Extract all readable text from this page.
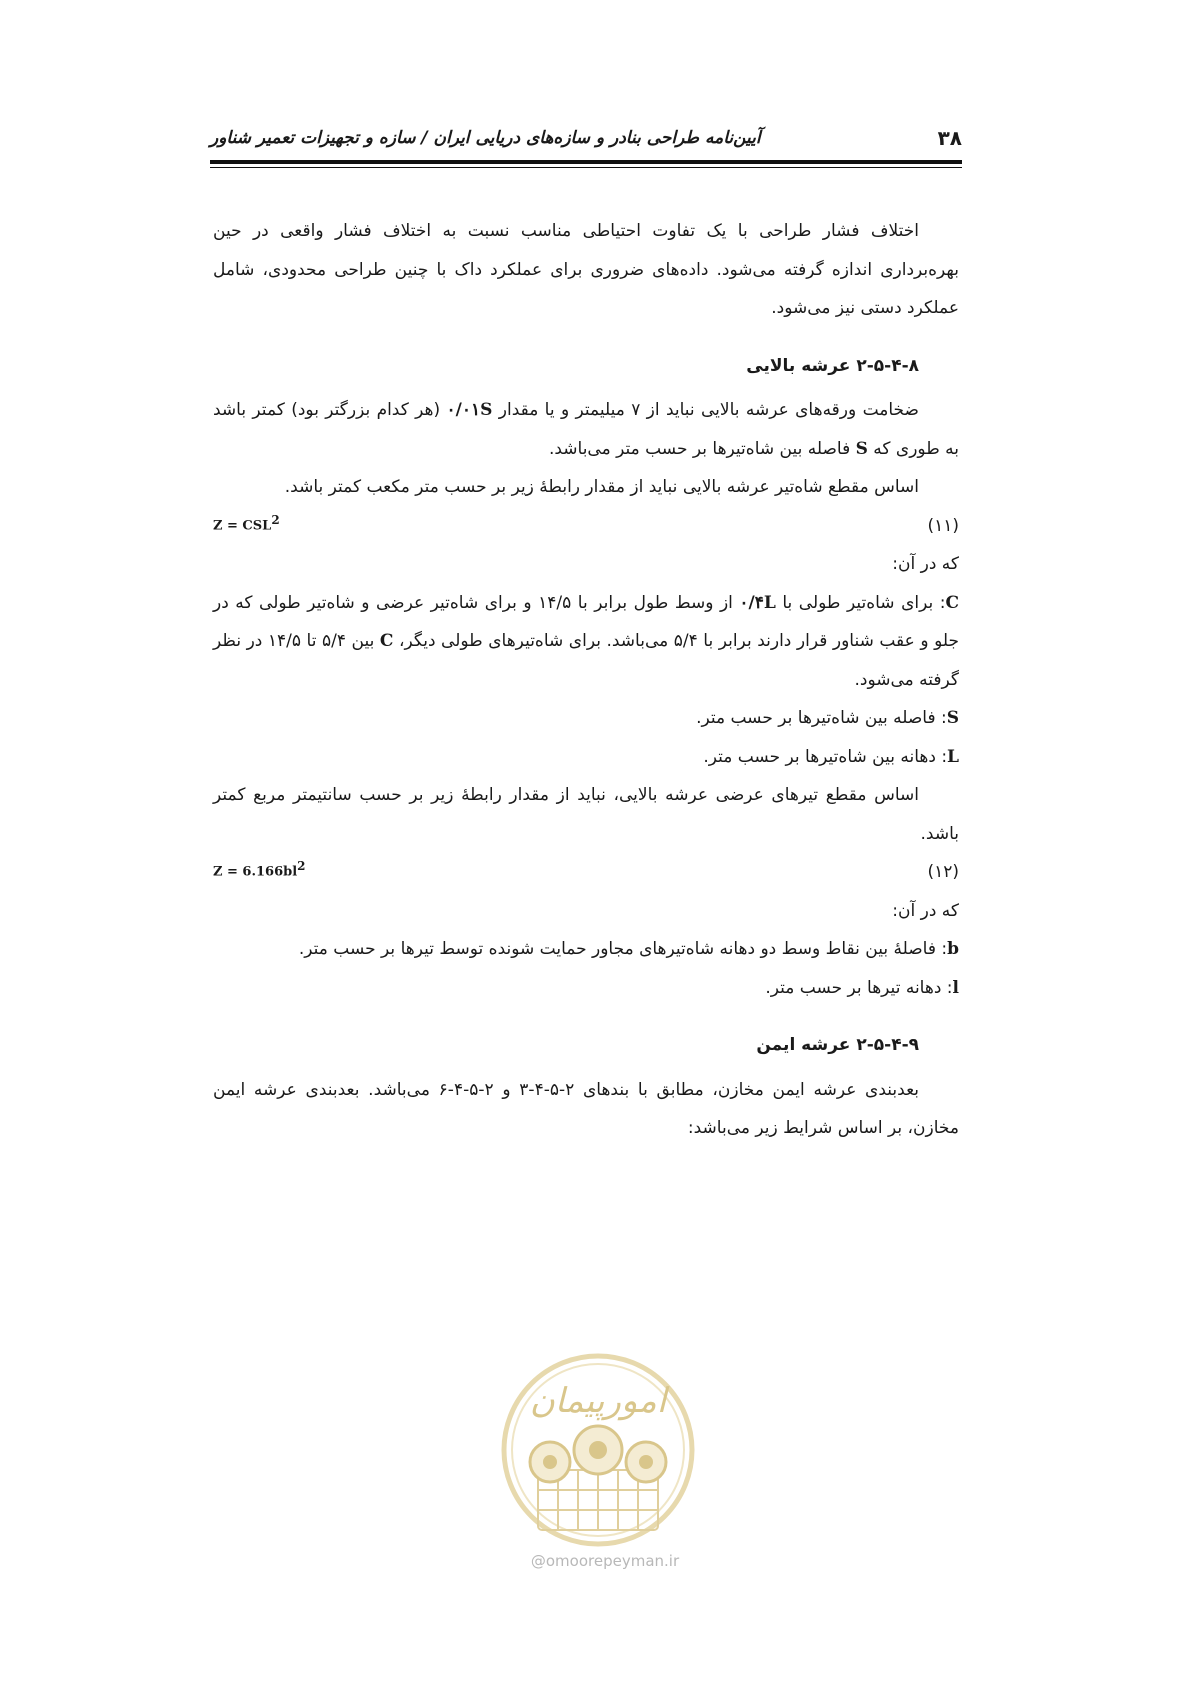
۳۸
آیین‌نامه طراحی بنادر و سازه‌های دریایی ایران / سازه و تجهیزات تعمیر شناور

اختلاف فشار طراحی با یک تفاوت احتیاطی مناسب نسبت به اختلاف فشار واقعی در حین بهره‌برداری اندازه گرفته می‌شود. داده‌های ضروری برای عملکرد داک با چنین طراحی محدودی، شامل عملکرد دستی نیز می‌شود.

۲-۵-۴-۸ عرشه بالایی

ضخامت ورقه‌های عرشه بالایی نباید از ۷ میلیمتر و یا مقدار ۰/۰۱S (هر کدام بزرگتر بود) کمتر باشد به طوری که S فاصله بین شاه‌تیرها بر حسب متر می‌باشد.

اساس مقطع شاه‌تیر عرشه بالایی نباید از مقدار رابطۀ زیر بر حسب متر مکعب کمتر باشد.

(۱۱)
$Z = CSL^2$

که در آن:

C: برای شاه‌تیر طولی با ۰/۴L از وسط طول برابر با ۱۴/۵ و برای شاه‌تیر عرضی و شاه‌تیر طولی که در جلو و عقب شناور قرار دارند برابر با ۵/۴ می‌باشد. برای شاه‌تیرهای طولی دیگر، C بین ۵/۴ تا ۱۴/۵ در نظر گرفته می‌شود.

S: فاصله بین شاه‌تیرها بر حسب متر.

L: دهانه بین شاه‌تیرها بر حسب متر.

اساس مقطع تیرهای عرضی عرشه بالایی، نباید از مقدار رابطۀ زیر بر حسب سانتیمتر مربع کمتر باشد.

(۱۲)
$Z = 6.166bl^2$

که در آن:

b: فاصلۀ بین نقاط وسط دو دهانه شاه‌تیرهای مجاور حمایت شونده توسط تیرها بر حسب متر.

l: دهانه تیرها بر حسب متر.

۲-۵-۴-۹ عرشه ایمن

بعدبندی عرشه ایمن مخازن، مطابق با بندهای ۲-۵-۴-۳ و ۲-۵-۴-۶ می‌باشد. بعدبندی عرشه ایمن مخازن، بر اساس شرایط زیر می‌باشد:

امورپیمان
@omoorepeyman.ir
